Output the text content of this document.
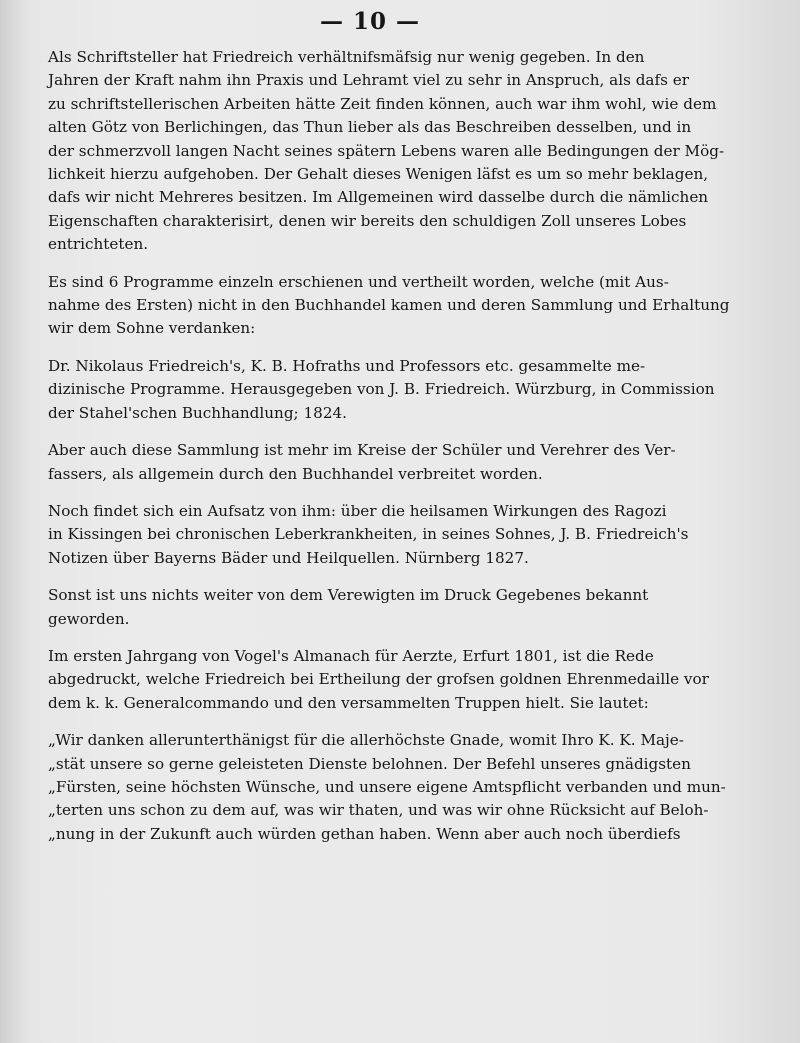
— 10 —

Als Schriftsteller hat Friedreich verhältnifsmäfsig nur wenig gegeben. In den
Jahren der Kraft nahm ihn Praxis und Lehramt viel zu sehr in Anspruch, als dafs er
zu schriftstellerischen Arbeiten hätte Zeit finden können, auch war ihm wohl, wie dem
alten Götz von Berlichingen, das Thun lieber als das Beschreiben desselben, und in
der schmerzvoll langen Nacht seines spätern Lebens waren alle Bedingungen der Mög-
lichkeit hierzu aufgehoben. Der Gehalt dieses Wenigen läfst es um so mehr beklagen,
dafs wir nicht Mehreres besitzen. Im Allgemeinen wird dasselbe durch die nämlichen
Eigenschaften charakterisirt, denen wir bereits den schuldigen Zoll unseres Lobes
entrichteten.

Es sind 6 Programme einzeln erschienen und vertheilt worden, welche (mit Aus-
nahme des Ersten) nicht in den Buchhandel kamen und deren Sammlung und Erhaltung
wir dem Sohne verdanken:

Dr. Nikolaus Friedreich's, K. B. Hofraths und Professors etc. gesammelte me-
dizinische Programme. Herausgegeben von J. B. Friedreich. Würzburg, in Commission
der Stahel'schen Buchhandlung; 1824.

Aber auch diese Sammlung ist mehr im Kreise der Schüler und Verehrer des Ver-
fassers, als allgemein durch den Buchhandel verbreitet worden.

Noch findet sich ein Aufsatz von ihm: über die heilsamen Wirkungen des Ragozi
in Kissingen bei chronischen Leberkrankheiten, in seines Sohnes, J. B. Friedreich's
Notizen über Bayerns Bäder und Heilquellen. Nürnberg 1827.

Sonst ist uns nichts weiter von dem Verewigten im Druck Gegebenes bekannt
geworden.

Im ersten Jahrgang von Vogel's Almanach für Aerzte, Erfurt 1801, ist die Rede
abgedruckt, welche Friedreich bei Ertheilung der grofsen goldnen Ehrenmedaille vor
dem k. k. Generalcommando und den versammelten Truppen hielt. Sie lautet:

„Wir danken allerunterthänigst für die allerhöchste Gnade, womit Ihro K. K. Maje-
„stät unsere so gerne geleisteten Dienste belohnen. Der Befehl unseres gnädigsten
„Fürsten, seine höchsten Wünsche, und unsere eigene Amtspflicht verbanden und mun-
„terten uns schon zu dem auf, was wir thaten, und was wir ohne Rücksicht auf Beloh-
„nung in der Zukunft auch würden gethan haben. Wenn aber auch noch überdiefs
